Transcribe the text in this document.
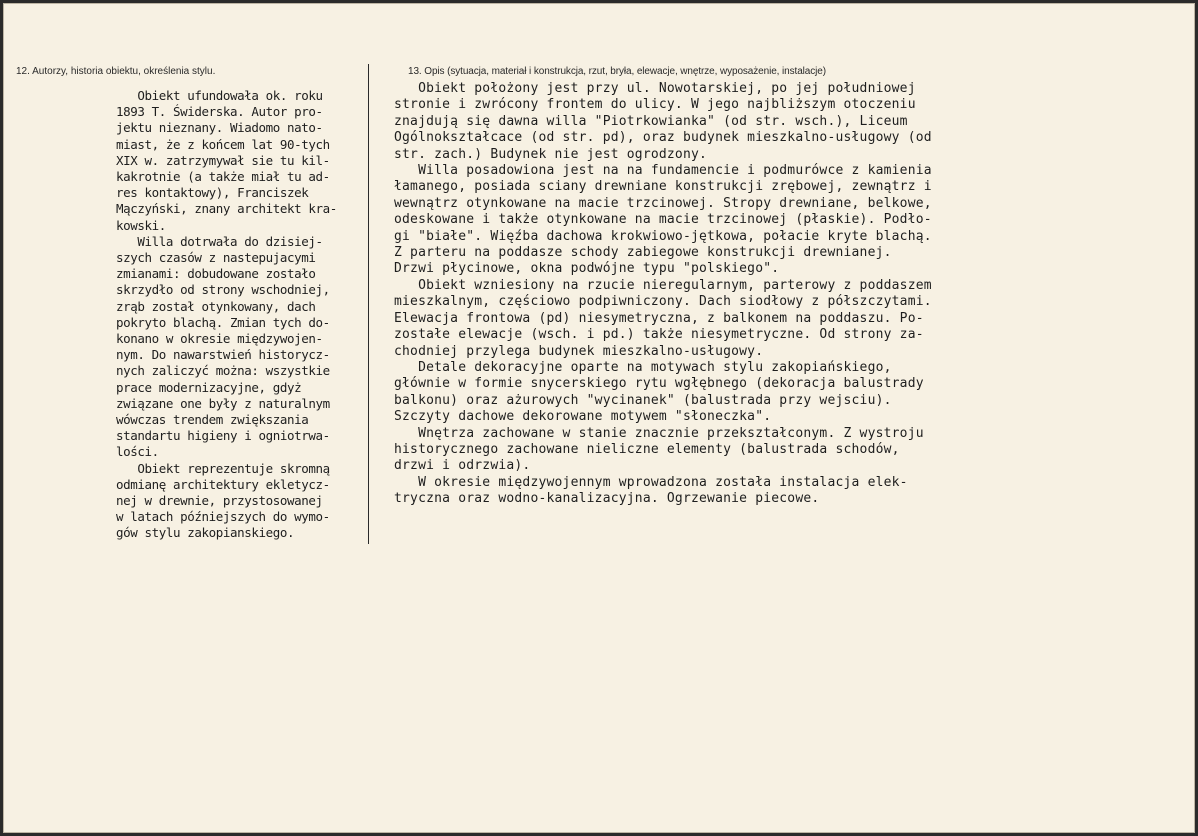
12. Autorzy, historia obiektu, określenia stylu.	13. Opis (sytuacja, materiał i konstrukcja, rzut, bryła, elewacje, wnętrze, wyposażenie, instalacje)

Obiekt ufundowała ok. roku
1893 T. Świderska. Autor pro-
jektu nieznany. Wiadomo nato-
miast, że z końcem lat 90-tych
XIX w. zatrzymywał sie tu kil-
kakrotnie (a także miał tu ad-
res kontaktowy), Franciszek
Mączyński, znany architekt kra-
kowski.

Willa dotrwała do dzisiej-
szych czasów z nastepujacymi
zmianami: dobudowane zostało
skrzydło od strony wschodniej,
zrąb został otynkowany, dach
pokryto blachą. Zmian tych do-
konano w okresie międzywojen-
nym. Do nawarstwień historycz-
nych zaliczyć można: wszystkie
prace modernizacyjne, gdyż
związane one były z naturalnym
wówczas trendem zwiększania
standartu higieny i ogniotrwa-
lości.

Obiekt reprezentuje skromną
odmianę architektury ekletycz-
nej w drewnie, przystosowanej
w latach późniejszych do wymo-
gów stylu zakopianskiego.

Obiekt położony jest przy ul. Nowotarskiej, po jej południowej
stronie i zwrócony frontem do ulicy. W jego najbliższym otoczeniu
znajdują się dawna willa "Piotrkowianka" (od str. wsch.), Liceum
Ogólnokształcace (od str. pd), oraz budynek mieszkalno-usługowy (od
str. zach.) Budynek nie jest ogrodzony.

Willa posadowiona jest na na fundamencie i podmurówce z kamienia
łamanego, posiada sciany drewniane konstrukcji zrębowej, zewnątrz i
wewnątrz otynkowane na macie trzcinowej. Stropy drewniane, belkowe,
odeskowane i także otynkowane na macie trzcinowej (płaskie). Podło-
gi "białe". Więźba dachowa krokwiowo-jętkowa, połacie kryte blachą.
Z parteru na poddasze schody zabiegowe konstrukcji drewnianej.
Drzwi płycinowe, okna podwójne typu "polskiego".

Obiekt wzniesiony na rzucie nieregularnym, parterowy z poddaszem
mieszkalnym, częściowo podpiwniczony. Dach siodłowy z półszczytami.
Elewacja frontowa (pd) niesymetryczna, z balkonem na poddaszu. Po-
zostałe elewacje (wsch. i pd.) także niesymetryczne. Od strony za-
chodniej przylega budynek mieszkalno-usługowy.

Detale dekoracyjne oparte na motywach stylu zakopiańskiego,
głównie w formie snycerskiego rytu wgłębnego (dekoracja balustrady
balkonu) oraz ażurowych "wycinanek" (balustrada przy wejsciu).
Szczyty dachowe dekorowane motywem "słoneczka".

Wnętrza zachowane w stanie znacznie przekształconym. Z wystroju
historycznego zachowane nieliczne elementy (balustrada schodów,
drzwi i odrzwia).

W okresie międzywojennym wprowadzona została instalacja elek-
tryczna oraz wodno-kanalizacyjna. Ogrzewanie piecowe.
